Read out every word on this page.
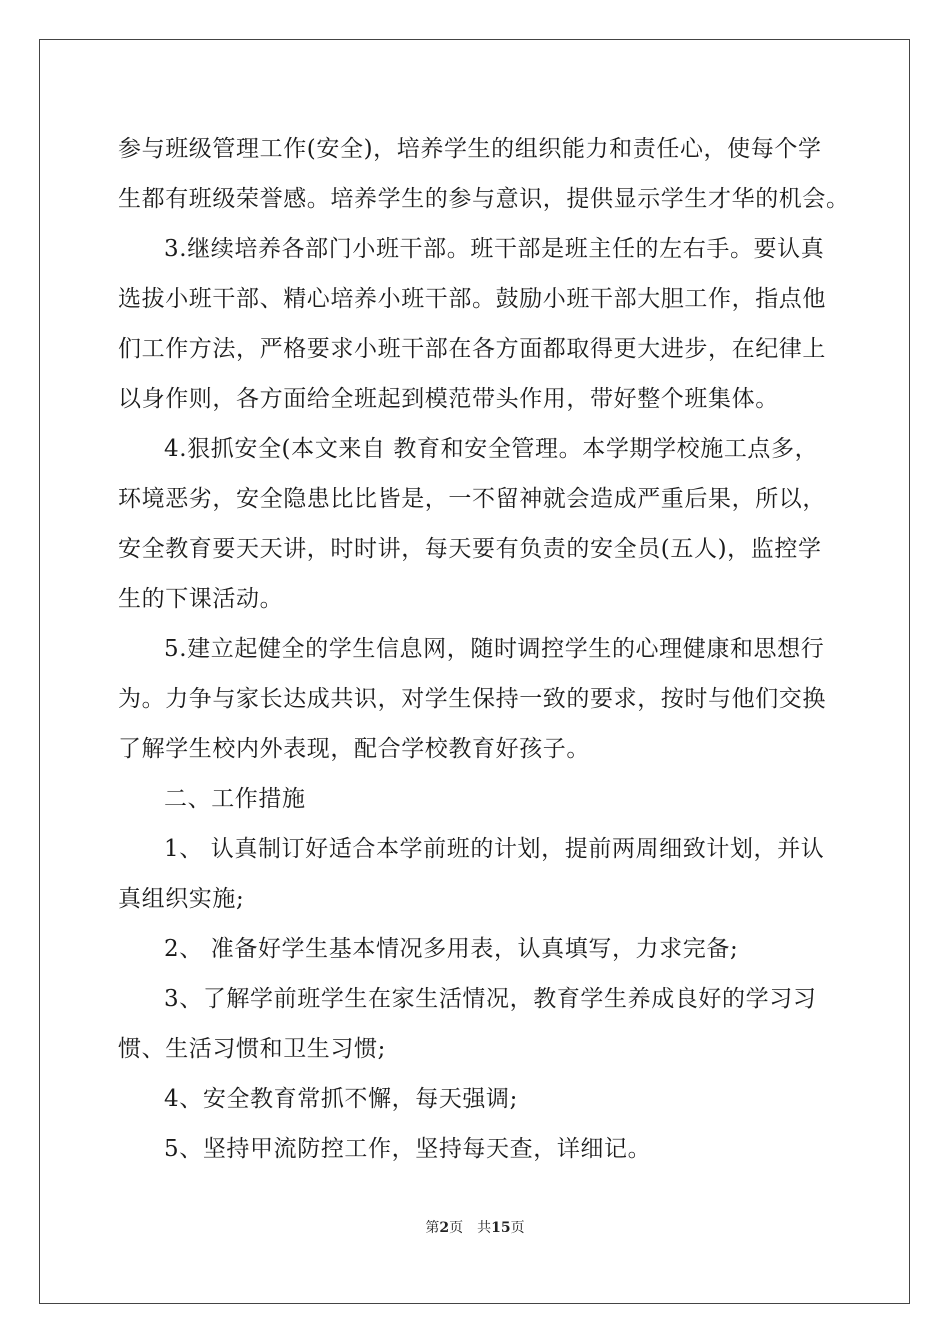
参与班级管理工作(安全)，培养学生的组织能力和责任心，使每个学
生都有班级荣誉感。培养学生的参与意识，提供显示学生才华的机会。
3.继续培养各部门小班干部。班干部是班主任的左右手。要认真
选拔小班干部、精心培养小班干部。鼓励小班干部大胆工作，指点他
们工作方法，严格要求小班干部在各方面都取得更大进步，在纪律上
以身作则，各方面给全班起到模范带头作用，带好整个班集体。
4.狠抓安全(本文来自 教育和安全管理。本学期学校施工点多，
环境恶劣，安全隐患比比皆是，一不留神就会造成严重后果，所以，
安全教育要天天讲，时时讲，每天要有负责的安全员(五人)，监控学
生的下课活动。
5.建立起健全的学生信息网，随时调控学生的心理健康和思想行
为。力争与家长达成共识，对学生保持一致的要求，按时与他们交换
了解学生校内外表现，配合学校教育好孩子。
二、工作措施
1、 认真制订好适合本学前班的计划，提前两周细致计划，并认
真组织实施;
2、 准备好学生基本情况多用表，认真填写，力求完备;
3、了解学前班学生在家生活情况，教育学生养成良好的学习习
惯、生活习惯和卫生习惯;
4、安全教育常抓不懈，每天强调;
5、坚持甲流防控工作，坚持每天查，详细记。
第2页　共15页
